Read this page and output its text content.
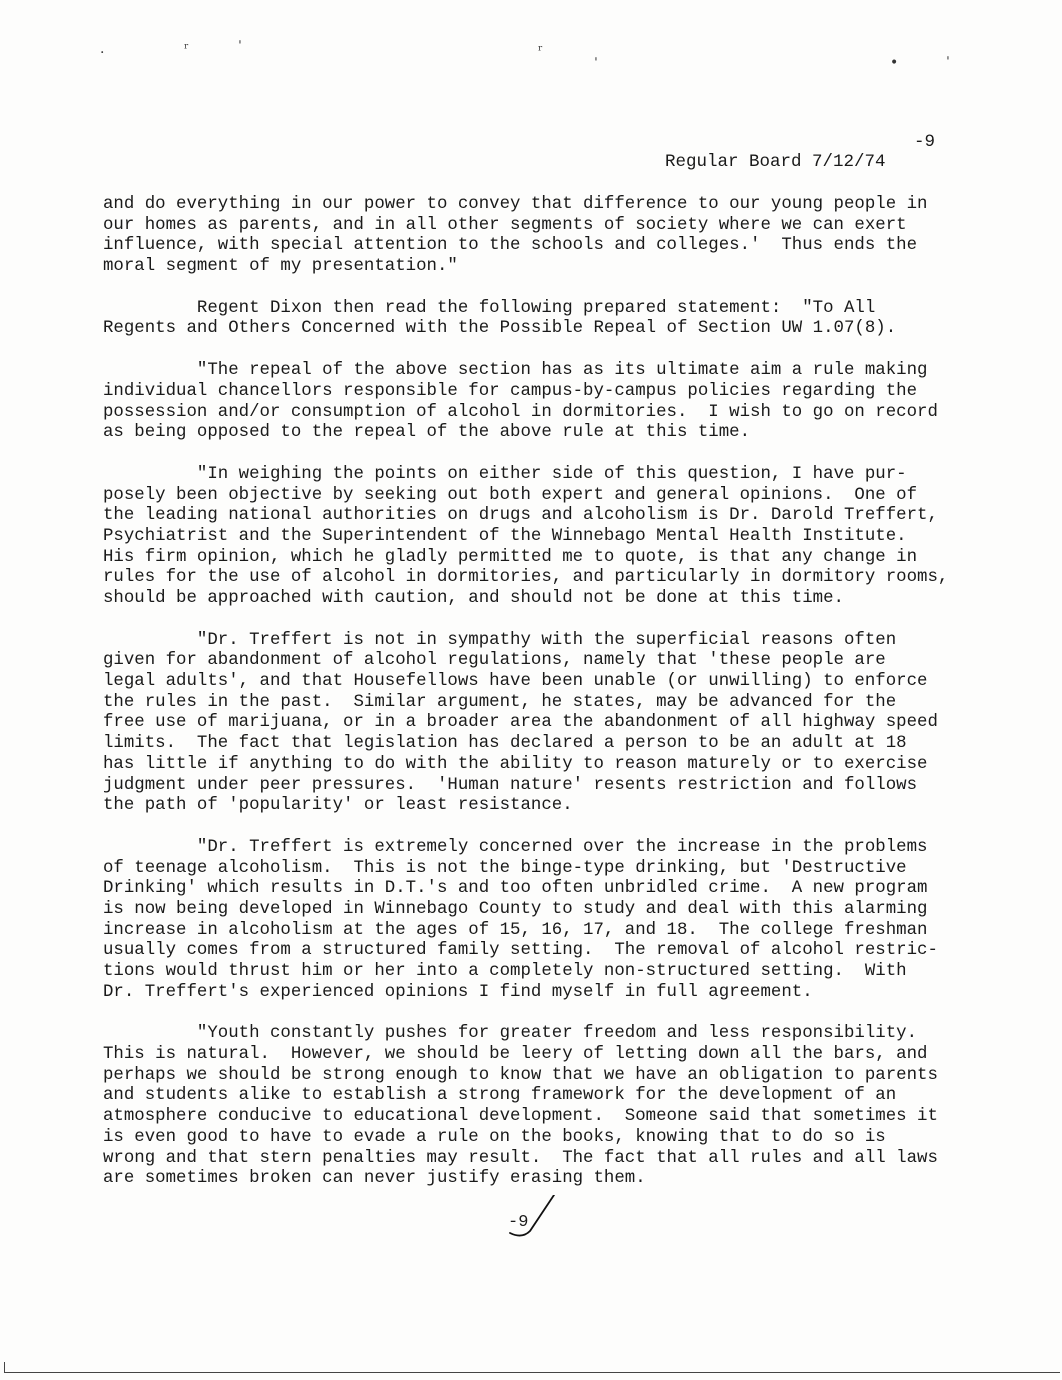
·	ʳ	ˈ	ʳ	ˌ	•	ˈ

Regular Board 7/12/74

-9

and do everything in our power to convey that difference to our young people in
our homes as parents, and in all other segments of society where we can exert
influence, with special attention to the schools and colleges.'  Thus ends the
moral segment of my presentation."
Regent Dixon then read the following prepared statement:  "To All
Regents and Others Concerned with the Possible Repeal of Section UW 1.07(8).
"The repeal of the above section has as its ultimate aim a rule making
individual chancellors responsible for campus-by-campus policies regarding the
possession and/or consumption of alcohol in dormitories.  I wish to go on record
as being opposed to the repeal of the above rule at this time.
"In weighing the points on either side of this question, I have pur-
posely been objective by seeking out both expert and general opinions.  One of
the leading national authorities on drugs and alcoholism is Dr. Darold Treffert,
Psychiatrist and the Superintendent of the Winnebago Mental Health Institute.
His firm opinion, which he gladly permitted me to quote, is that any change in
rules for the use of alcohol in dormitories, and particularly in dormitory rooms,
should be approached with caution, and should not be done at this time.
"Dr. Treffert is not in sympathy with the superficial reasons often
given for abandonment of alcohol regulations, namely that 'these people are
legal adults', and that Housefellows have been unable (or unwilling) to enforce
the rules in the past.  Similar argument, he states, may be advanced for the
free use of marijuana, or in a broader area the abandonment of all highway speed
limits.  The fact that legislation has declared a person to be an adult at 18
has little if anything to do with the ability to reason maturely or to exercise
judgment under peer pressures.  'Human nature' resents restriction and follows
the path of 'popularity' or least resistance.
"Dr. Treffert is extremely concerned over the increase in the problems
of teenage alcoholism.  This is not the binge-type drinking, but 'Destructive
Drinking' which results in D.T.'s and too often unbridled crime.  A new program
is now being developed in Winnebago County to study and deal with this alarming
increase in alcoholism at the ages of 15, 16, 17, and 18.  The college freshman
usually comes from a structured family setting.  The removal of alcohol restric-
tions would thrust him or her into a completely non-structured setting.  With
Dr. Treffert's experienced opinions I find myself in full agreement.
"Youth constantly pushes for greater freedom and less responsibility.
This is natural.  However, we should be leery of letting down all the bars, and
perhaps we should be strong enough to know that we have an obligation to parents
and students alike to establish a strong framework for the development of an
atmosphere conducive to educational development.  Someone said that sometimes it
is even good to have to evade a rule on the books, knowing that to do so is
wrong and that stern penalties may result.  The fact that all rules and all laws
are sometimes broken can never justify erasing them.
-9
